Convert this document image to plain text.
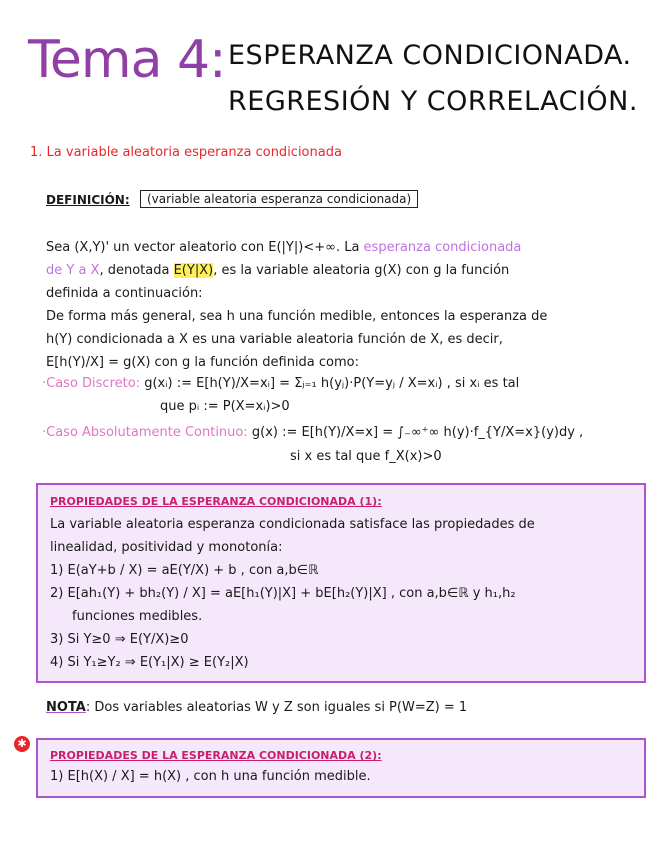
Tema 4: ESPERANZA CONDICIONADA.
REGRESIÓN Y CORRELACIÓN.
1. La variable aleatoria esperanza condicionada
DEFINICIÓN:	(variable aleatoria esperanza condicionada)
Sea (X,Y)' un vector aleatorio con E(|Y|)<+∞. La esperanza condicionada
de Y a X, denotada E(Y|X), es la variable aleatoria g(X) con g la función
definida a continuación:
De forma más general, sea h una función medible, entonces la esperanza de
h(Y) condicionada a X es una variable aleatoria función de X, es decir,
E[h(Y)/X] = g(X) con g la función definida como:
·Caso Discreto: g(xᵢ) := E[h(Y)/X=xᵢ] = Σⱼ₌₁ h(yⱼ)·P(Y=yⱼ / X=xᵢ) , si xᵢ es tal
que pᵢ := P(X=xᵢ)>0
·Caso Absolutamente Continuo: g(x) := E[h(Y)/X=x] = ∫₋∞⁺∞ h(y)·f_{Y/X=x}(y)dy ,
si x es tal que f_X(x)>0
PROPIEDADES DE LA ESPERANZA CONDICIONADA (1):
La variable aleatoria esperanza condicionada satisface las propiedades de
linealidad, positividad y monotonía:
1) E(aY+b / X) = aE(Y/X) + b , con a,b∈ℝ
2) E[ah₁(Y) + bh₂(Y) / X] = aE[h₁(Y)|X] + bE[h₂(Y)|X] , con a,b∈ℝ y h₁,h₂
funciones medibles.
3) Si Y≥0 ⇒ E(Y/X)≥0
4) Si Y₁≥Y₂ ⇒ E(Y₁|X) ≥ E(Y₂|X)
NOTA: Dos variables aleatorias W y Z son iguales si P(W=Z) = 1
✱
PROPIEDADES DE LA ESPERANZA CONDICIONADA (2):
1) E[h(X) / X] = h(X) , con h una función medible.
